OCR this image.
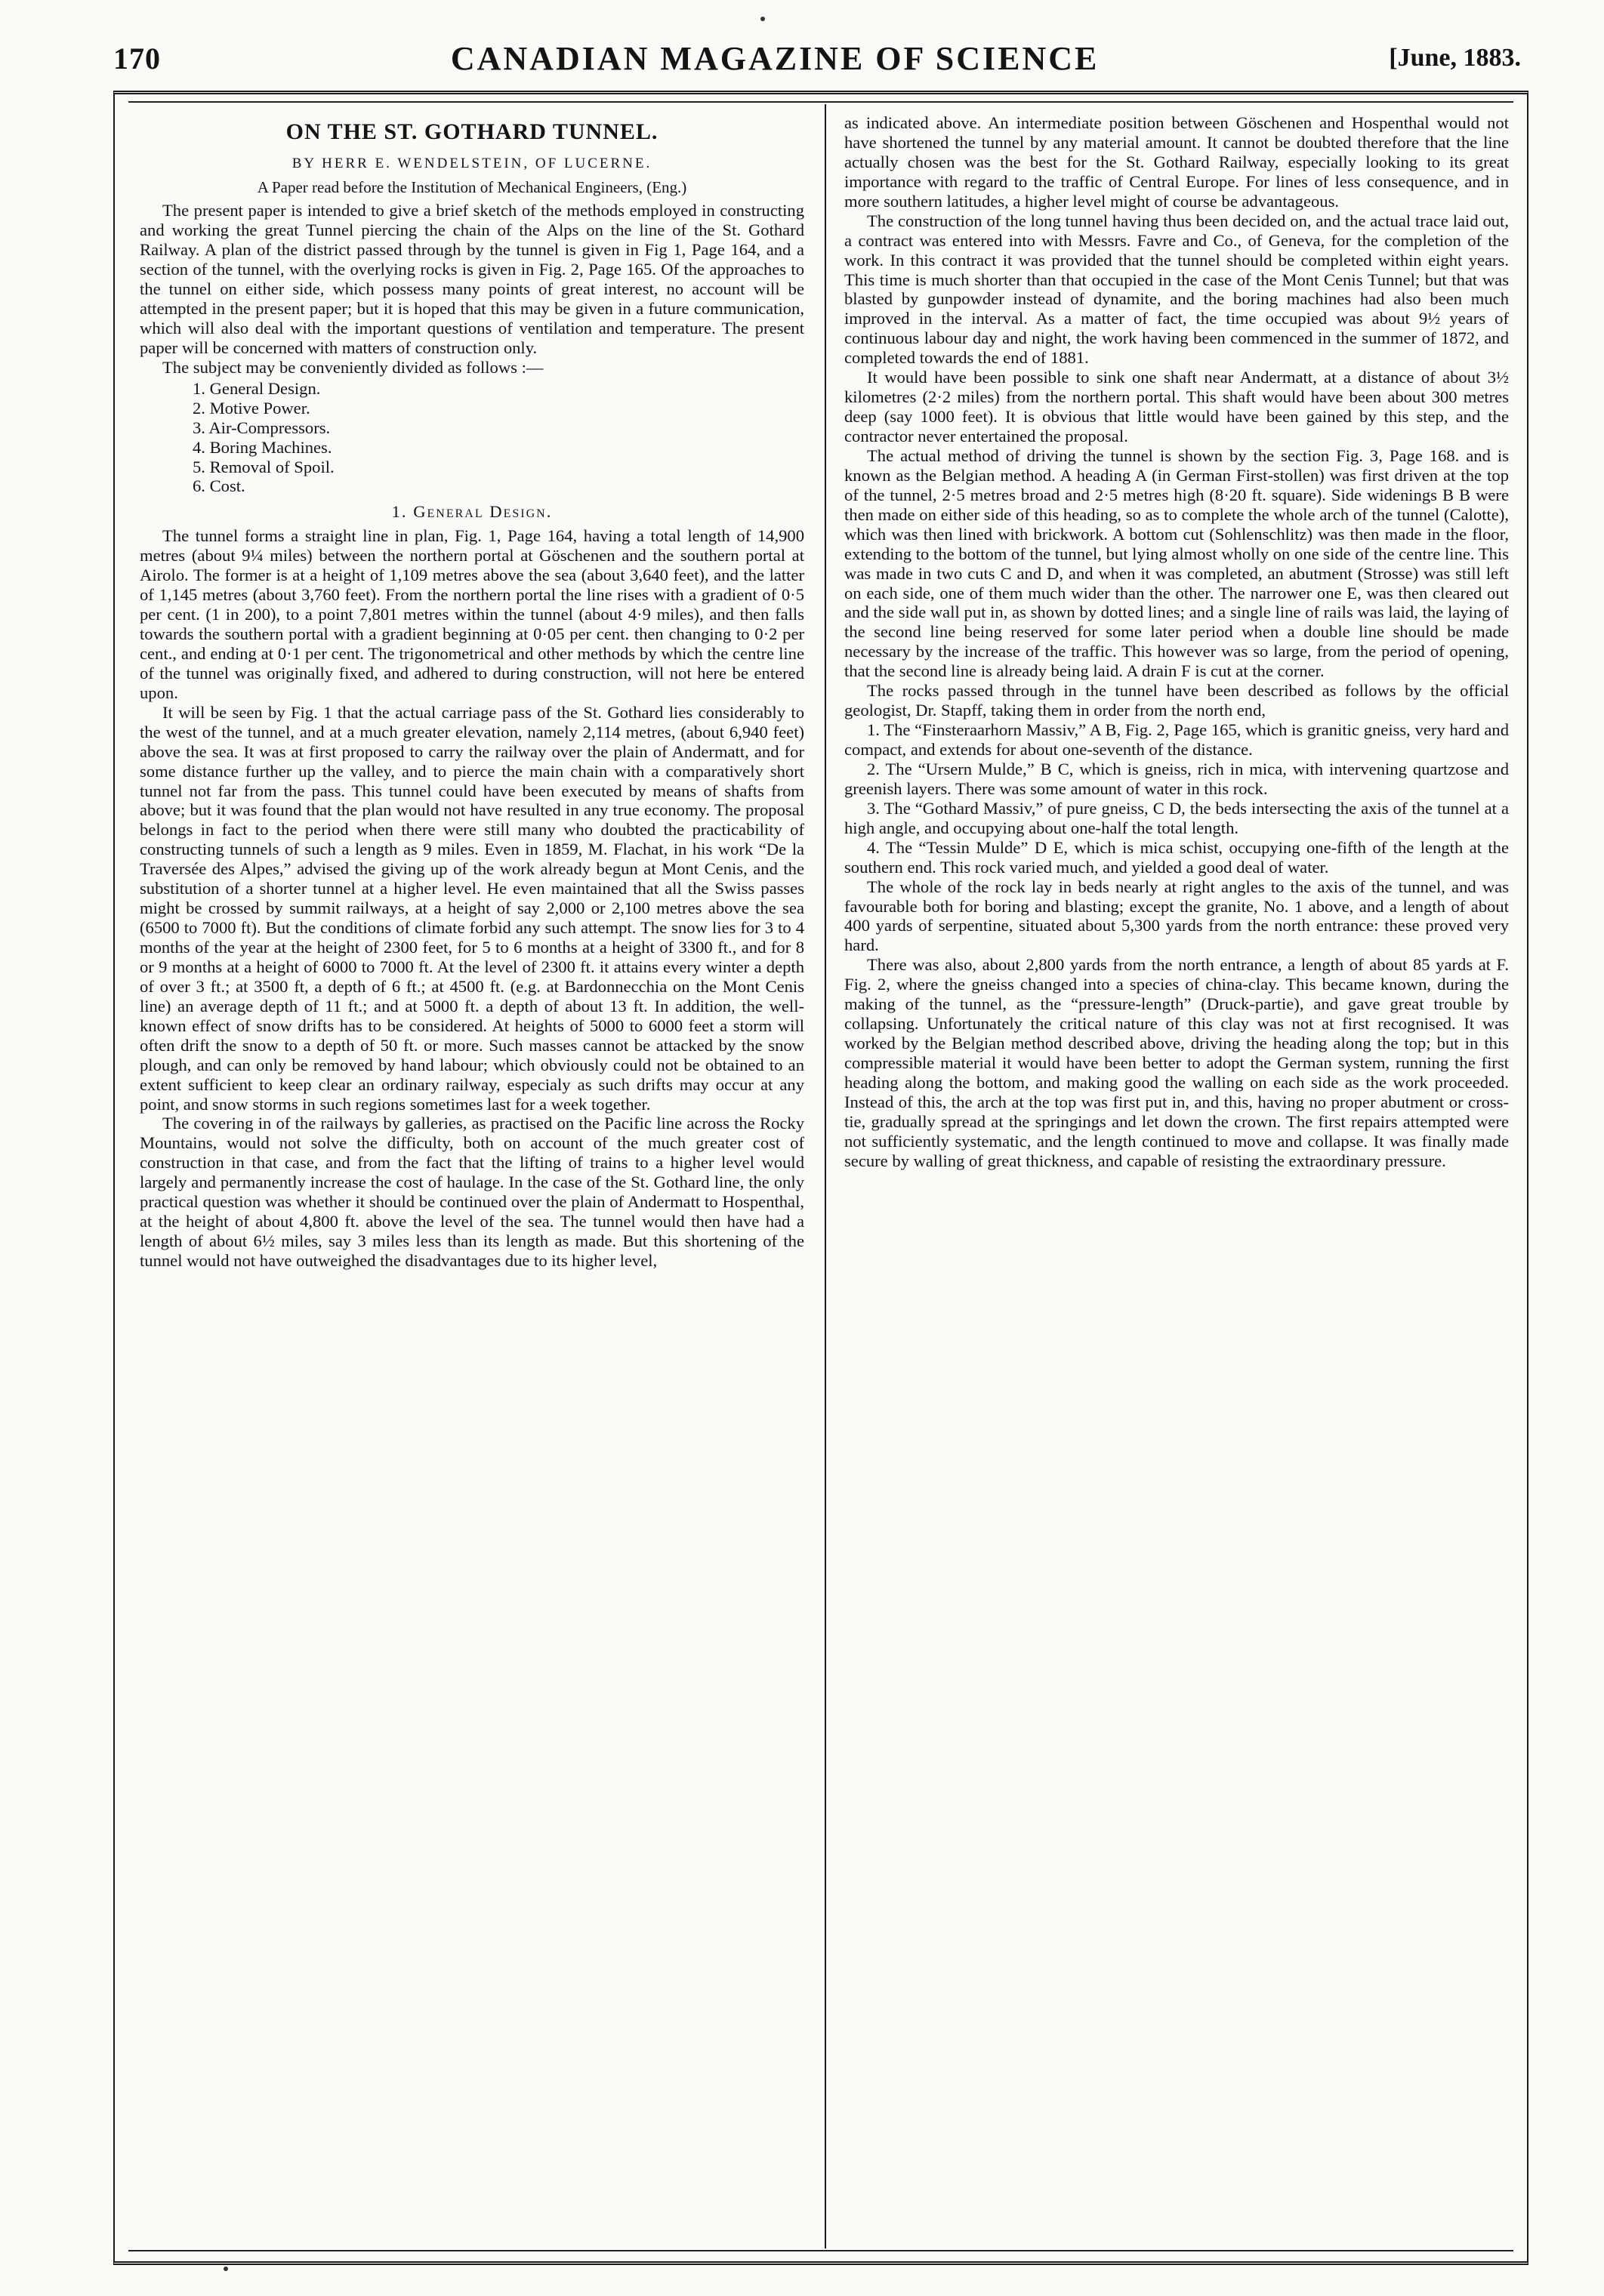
170	CANADIAN MAGAZINE OF SCIENCE	[June, 1883.

ON THE ST. GOTHARD TUNNEL.

BY HERR E. WENDELSTEIN, OF LUCERNE.

A Paper read before the Institution of Mechanical Engineers, (Eng.)

The present paper is intended to give a brief sketch of the methods employed in constructing and working the great Tunnel piercing the chain of the Alps on the line of the St. Gothard Railway. A plan of the district passed through by the tunnel is given in Fig 1, Page 164, and a section of the tunnel, with the overlying rocks is given in Fig. 2, Page 165. Of the approaches to the tunnel on either side, which possess many points of great interest, no account will be attempted in the present paper; but it is hoped that this may be given in a future communication, which will also deal with the important questions of ventilation and temperature. The present paper will be concerned with matters of construction only.

The subject may be conveniently divided as follows :—

1. General Design.
2. Motive Power.
3. Air-Compressors.
4. Boring Machines.
5. Removal of Spoil.
6. Cost.

1. General Design.

The tunnel forms a straight line in plan, Fig. 1, Page 164, having a total length of 14,900 metres (about 9¼ miles) between the northern portal at Göschenen and the southern portal at Airolo. The former is at a height of 1,109 metres above the sea (about 3,640 feet), and the latter of 1,145 metres (about 3,760 feet). From the northern portal the line rises with a gradient of 0·5 per cent. (1 in 200), to a point 7,801 metres within the tunnel (about 4·9 miles), and then falls towards the southern portal with a gradient beginning at 0·05 per cent. then changing to 0·2 per cent., and ending at 0·1 per cent. The trigonometrical and other methods by which the centre line of the tunnel was originally fixed, and adhered to during construction, will not here be entered upon.

It will be seen by Fig. 1 that the actual carriage pass of the St. Gothard lies considerably to the west of the tunnel, and at a much greater elevation, namely 2,114 metres, (about 6,940 feet) above the sea. It was at first proposed to carry the railway over the plain of Andermatt, and for some distance further up the valley, and to pierce the main chain with a comparatively short tunnel not far from the pass. This tunnel could have been executed by means of shafts from above; but it was found that the plan would not have resulted in any true economy. The proposal belongs in fact to the period when there were still many who doubted the practicability of constructing tunnels of such a length as 9 miles. Even in 1859, M. Flachat, in his work “De la Traversée des Alpes,” advised the giving up of the work already begun at Mont Cenis, and the substitution of a shorter tunnel at a higher level. He even maintained that all the Swiss passes might be crossed by summit railways, at a height of say 2,000 or 2,100 metres above the sea (6500 to 7000 ft). But the conditions of climate forbid any such attempt. The snow lies for 3 to 4 months of the year at the height of 2300 feet, for 5 to 6 months at a height of 3300 ft., and for 8 or 9 months at a height of 6000 to 7000 ft. At the level of 2300 ft. it attains every winter a depth of over 3 ft.; at 3500 ft, a depth of 6 ft.; at 4500 ft. (e.g. at Bardonnecchia on the Mont Cenis line) an average depth of 11 ft.; and at 5000 ft. a depth of about 13 ft. In addition, the well-known effect of snow drifts has to be considered. At heights of 5000 to 6000 feet a storm will often drift the snow to a depth of 50 ft. or more. Such masses cannot be attacked by the snow plough, and can only be removed by hand labour; which obviously could not be obtained to an extent sufficient to keep clear an ordinary railway, especialy as such drifts may occur at any point, and snow storms in such regions sometimes last for a week together.

The covering in of the railways by galleries, as practised on the Pacific line across the Rocky Mountains, would not solve the difficulty, both on account of the much greater cost of construction in that case, and from the fact that the lifting of trains to a higher level would largely and permanently increase the cost of haulage. In the case of the St. Gothard line, the only practical question was whether it should be continued over the plain of Andermatt to Hospenthal, at the height of about 4,800 ft. above the level of the sea. The tunnel would then have had a length of about 6½ miles, say 3 miles less than its length as made. But this shortening of the tunnel would not have outweighed the disadvantages due to its higher level,

as indicated above. An intermediate position between Göschenen and Hospenthal would not have shortened the tunnel by any material amount. It cannot be doubted therefore that the line actually chosen was the best for the St. Gothard Railway, especially looking to its great importance with regard to the traffic of Central Europe. For lines of less consequence, and in more southern latitudes, a higher level might of course be advantageous.

The construction of the long tunnel having thus been decided on, and the actual trace laid out, a contract was entered into with Messrs. Favre and Co., of Geneva, for the completion of the work. In this contract it was provided that the tunnel should be completed within eight years. This time is much shorter than that occupied in the case of the Mont Cenis Tunnel; but that was blasted by gunpowder instead of dynamite, and the boring machines had also been much improved in the interval. As a matter of fact, the time occupied was about 9½ years of continuous labour day and night, the work having been commenced in the summer of 1872, and completed towards the end of 1881.

It would have been possible to sink one shaft near Andermatt, at a distance of about 3½ kilometres (2·2 miles) from the northern portal. This shaft would have been about 300 metres deep (say 1000 feet). It is obvious that little would have been gained by this step, and the contractor never entertained the proposal.

The actual method of driving the tunnel is shown by the section Fig. 3, Page 168. and is known as the Belgian method. A heading A (in German First-stollen) was first driven at the top of the tunnel, 2·5 metres broad and 2·5 metres high (8·20 ft. square). Side widenings B B were then made on either side of this heading, so as to complete the whole arch of the tunnel (Calotte), which was then lined with brickwork. A bottom cut (Sohlenschlitz) was then made in the floor, extending to the bottom of the tunnel, but lying almost wholly on one side of the centre line. This was made in two cuts C and D, and when it was completed, an abutment (Strosse) was still left on each side, one of them much wider than the other. The narrower one E, was then cleared out and the side wall put in, as shown by dotted lines; and a single line of rails was laid, the laying of the second line being reserved for some later period when a double line should be made necessary by the increase of the traffic. This however was so large, from the period of opening, that the second line is already being laid. A drain F is cut at the corner.

The rocks passed through in the tunnel have been described as follows by the official geologist, Dr. Stapff, taking them in order from the north end,

1. The “Finsteraarhorn Massiv,” A B, Fig. 2, Page 165, which is granitic gneiss, very hard and compact, and extends for about one-seventh of the distance.

2. The “Ursern Mulde,” B C, which is gneiss, rich in mica, with intervening quartzose and greenish layers. There was some amount of water in this rock.

3. The “Gothard Massiv,” of pure gneiss, C D, the beds intersecting the axis of the tunnel at a high angle, and occupying about one-half the total length.

4. The “Tessin Mulde” D E, which is mica schist, occupying one-fifth of the length at the southern end. This rock varied much, and yielded a good deal of water.

The whole of the rock lay in beds nearly at right angles to the axis of the tunnel, and was favourable both for boring and blasting; except the granite, No. 1 above, and a length of about 400 yards of serpentine, situated about 5,300 yards from the north entrance: these proved very hard.

There was also, about 2,800 yards from the north entrance, a length of about 85 yards at F. Fig. 2, where the gneiss changed into a species of china-clay. This became known, during the making of the tunnel, as the “pressure-length” (Druck-partie), and gave great trouble by collapsing. Unfortunately the critical nature of this clay was not at first recognised. It was worked by the Belgian method described above, driving the heading along the top; but in this compressible material it would have been better to adopt the German system, running the first heading along the bottom, and making good the walling on each side as the work proceeded. Instead of this, the arch at the top was first put in, and this, having no proper abutment or cross-tie, gradually spread at the springings and let down the crown. The first repairs attempted were not sufficiently systematic, and the length continued to move and collapse. It was finally made secure by walling of great thickness, and capable of resisting the extraordinary pressure.
